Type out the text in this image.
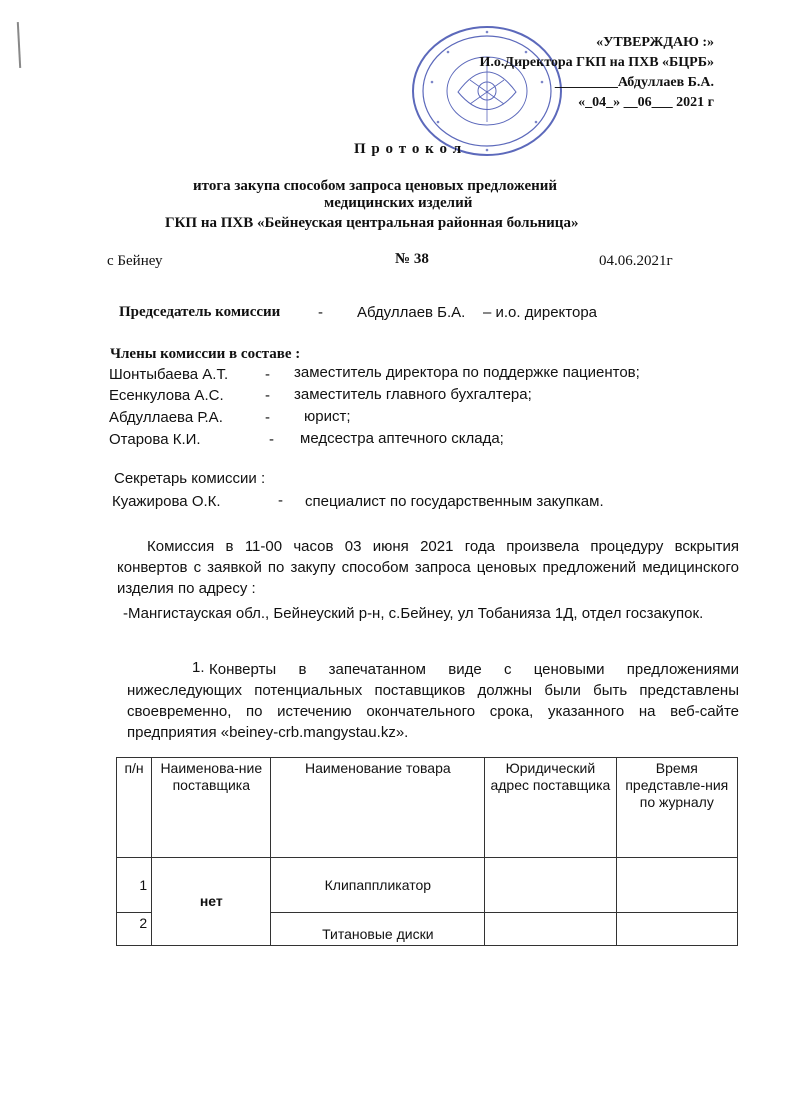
«УТВЕРЖДАЮ :»
И.о.Директора ГКП на ПХВ «БЦРБ»
_________Абдуллаев Б.А.
«_04_» __06___ 2021 г
П р о т о к о л
итога закупа способом запроса ценовых предложений
медицинских изделий
ГКП на ПХВ «Бейнеуская центральная районная больница»
с Бейнеу	№ 38	04.06.2021г
Председатель комиссии	- Абдуллаев Б.А. – и.о. директора
Члены комиссии в составе :
Шонтыбаева А.Т. - заместитель директора по поддержке пациентов;
Есенкулова А.С.	- заместитель главного бухгалтера;
Абдуллаева Р.А.	- юрист;
Отарова К.И.	- медсестра аптечного склада;
Секретарь комиссии :
Куажирова О.К.	- специалист по государственным закупкам.
Комиссия в 11-00 часов 03 июня 2021 года произвела процедуру вскрытия конвертов с заявкой по закупу способом запроса ценовых предложений медицинского изделия по адресу :
-Мангистауская обл., Бейнеуский р-н, с.Бейнеу, ул Тобанияза 1Д, отдел госзакупок.
1. Конверты в запечатанном виде с ценовыми предложениями нижеследующих потенциальных поставщиков должны были быть представлены своевременно, по истечению окончательного срока, указанного на веб-сайте предприятия «beiney-crb.mangystau.kz».
п/н	Наименова-ние поставщика	Наименование товара	Юридический адрес поставщика	Время представле-ния по журналу
1	нет	Клипаппликатор		
2		Титановые диски		
